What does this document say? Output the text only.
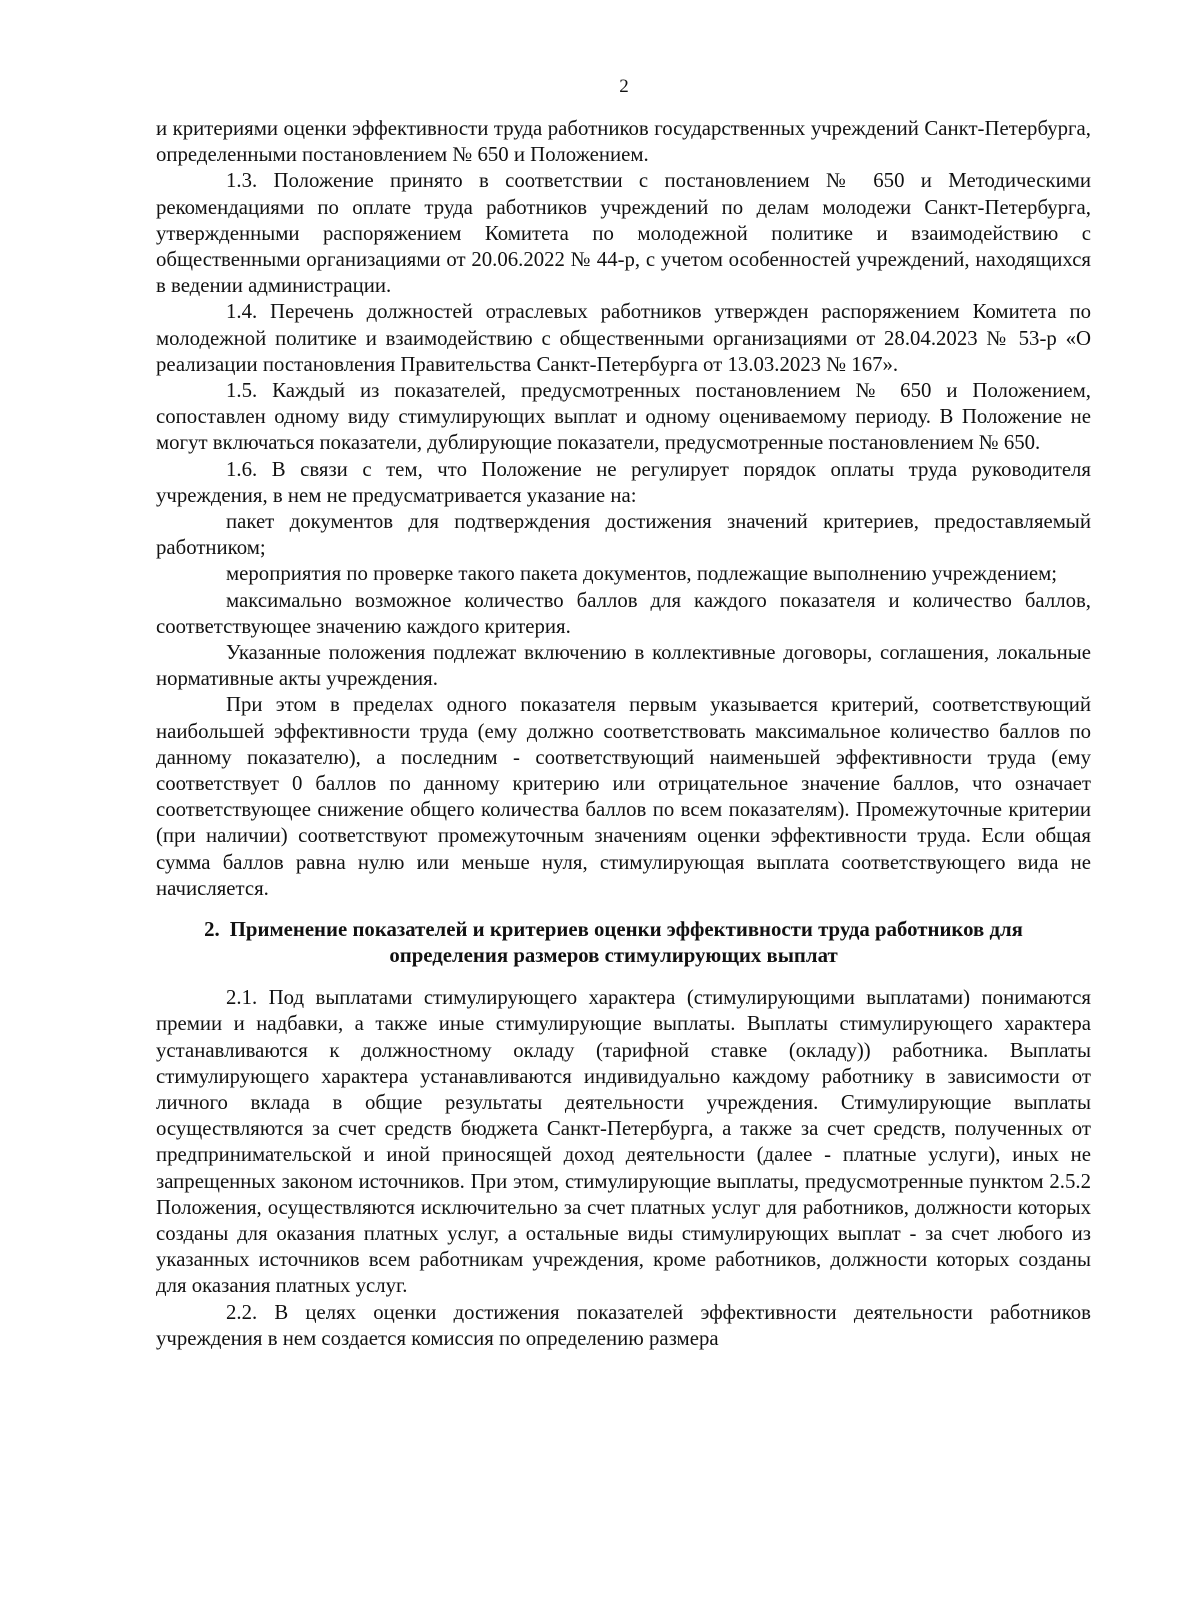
2

и критериями оценки эффективности труда работников государственных учреждений Санкт-Петербурга, определенными постановлением № 650 и Положением.

1.3. Положение принято в соответствии с постановлением № 650 и Методическими рекомендациями по оплате труда работников учреждений по делам молодежи Санкт-Петербурга, утвержденными распоряжением Комитета по молодежной политике и взаимодействию с общественными организациями от 20.06.2022 № 44-р, с учетом особенностей учреждений, находящихся в ведении администрации.

1.4. Перечень должностей отраслевых работников утвержден распоряжением Комитета по молодежной политике и взаимодействию с общественными организациями от 28.04.2023 № 53-р «О реализации постановления Правительства Санкт-Петербурга от 13.03.2023 № 167».

1.5. Каждый из показателей, предусмотренных постановлением № 650 и Положением, сопоставлен одному виду стимулирующих выплат и одному оцениваемому периоду. В Положение не могут включаться показатели, дублирующие показатели, предусмотренные постановлением № 650.

1.6. В связи с тем, что Положение не регулирует порядок оплаты труда руководителя учреждения, в нем не предусматривается указание на:

пакет документов для подтверждения достижения значений критериев, предоставляемый работником;

мероприятия по проверке такого пакета документов, подлежащие выполнению учреждением;

максимально возможное количество баллов для каждого показателя и количество баллов, соответствующее значению каждого критерия.

Указанные положения подлежат включению в коллективные договоры, соглашения, локальные нормативные акты учреждения.

При этом в пределах одного показателя первым указывается критерий, соответствующий наибольшей эффективности труда (ему должно соответствовать максимальное количество баллов по данному показателю), а последним - соответствующий наименьшей эффективности труда (ему соответствует 0 баллов по данному критерию или отрицательное значение баллов, что означает соответствующее снижение общего количества баллов по всем показателям). Промежуточные критерии (при наличии) соответствуют промежуточным значениям оценки эффективности труда. Если общая сумма баллов равна нулю или меньше нуля, стимулирующая выплата соответствующего вида не начисляется.

2. Применение показателей и критериев оценки эффективности труда работников для определения размеров стимулирующих выплат

2.1. Под выплатами стимулирующего характера (стимулирующими выплатами) понимаются премии и надбавки, а также иные стимулирующие выплаты. Выплаты стимулирующего характера устанавливаются к должностному окладу (тарифной ставке (окладу)) работника. Выплаты стимулирующего характера устанавливаются индивидуально каждому работнику в зависимости от личного вклада в общие результаты деятельности учреждения. Стимулирующие выплаты осуществляются за счет средств бюджета Санкт-Петербурга, а также за счет средств, полученных от предпринимательской и иной приносящей доход деятельности (далее - платные услуги), иных не запрещенных законом источников. При этом, стимулирующие выплаты, предусмотренные пунктом 2.5.2 Положения, осуществляются исключительно за счет платных услуг для работников, должности которых созданы для оказания платных услуг, а остальные виды стимулирующих выплат - за счет любого из указанных источников всем работникам учреждения, кроме работников, должности которых созданы для оказания платных услуг.

2.2. В целях оценки достижения показателей эффективности деятельности работников учреждения в нем создается комиссия по определению размера
